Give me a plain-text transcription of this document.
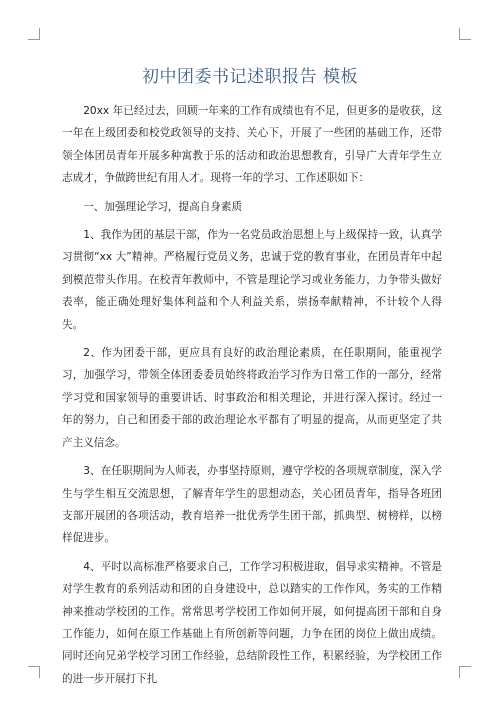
初中团委书记述职报告 模板

20xx 年已经过去，回顾一年来的工作有成绩也有不足，但更多的是收获，这一年在上级团委和校党政领导的支持、关心下，开展了一些团的基础工作，还带领全体团员青年开展多种寓教于乐的活动和政治思想教育，引导广大青年学生立志成才，争做跨世纪有用人才。现将一年的学习、工作述职如下：

一、加强理论学习，提高自身素质

1、我作为团的基层干部，作为一名党员政治思想上与上级保持一致，认真学习贯彻“xx 大”精神。严格履行党员义务，忠诚于党的教育事业，在团员青年中起到模范带头作用。在校青年教师中，不管是理论学习或业务能力，力争带头做好表率，能正确处理好集体利益和个人利益关系，崇扬奉献精神，不计较个人得失。

2、作为团委干部，更应具有良好的政治理论素质，在任职期间，能重视学习，加强学习，带领全体团委委员始终将政治学习作为日常工作的一部分，经常学习党和国家领导的重要讲话、时事政治和相关理论，并进行深入探讨。经过一年的努力，自己和团委干部的政治理论水平都有了明显的提高，从而更坚定了共产主义信念。

3、在任职期间为人师表，办事坚持原则，遵守学校的各项规章制度，深入学生与学生相互交流思想，了解青年学生的思想动态，关心团员青年，指导各班团支部开展团的各项活动，教育培养一批优秀学生团干部，抓典型、树榜样，以榜样促进步。

4、平时以高标准严格要求自己，工作学习积极进取，倡导求实精神。不管是对学生教育的系列活动和团的自身建设中，总以踏实的工作作风，务实的工作精神来推动学校团的工作。常常思考学校团工作如何开展，如何提高团干部和自身工作能力，如何在原工作基础上有所创新等问题，力争在团的岗位上做出成绩。同时还向兄弟学校学习团工作经验，总结阶段性工作，积累经验，为学校团工作的进一步开展打下扎
